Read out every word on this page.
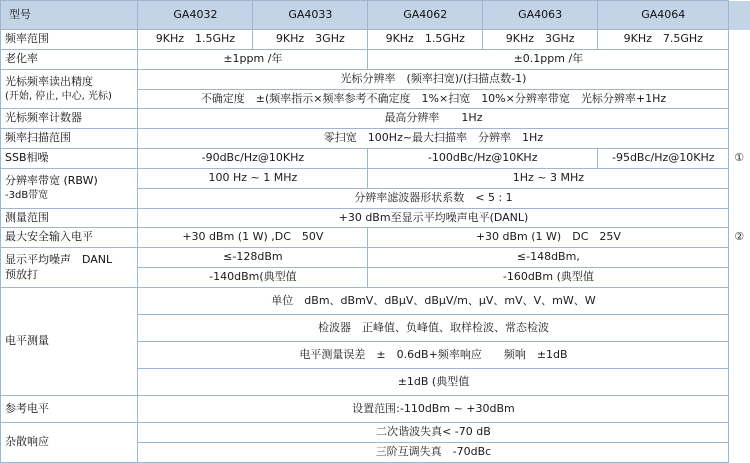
型号	GA4032	GA4033	GA4062	GA4063	GA4064	
频率范围	9KHz　1.5GHz	9KHz　3GHz	9KHz　1.5GHz	9KHz　3GHz	9KHz　7.5GHz	
老化率	±1ppm /年		±0.1ppm /年			

光标频率读出精度
(开始, 停止, 中心, 光标)	光标分辨率　(频率扫宽)/(扫描点数-1)					
	不确定度　±(频率指示×频率参考不确定度　1%×扫宽　10%×分辨率带宽　光标分辨率+1Hz					
光标频率计数器	最高分辨率　　1Hz					
频率扫描范围	零扫宽　100Hz~最大扫描率　分辨率　1Hz					
SSB相噪	-90dBc/Hz@10KHz		-100dBc/Hz@10KHz		-95dBc/Hz@10KHz	①

分辨率带宽 (RBW)
-3dB带宽	100 Hz ~ 1 MHz		1Hz ~ 3 MHz			
	分辨率滤波器形状系数　< 5 : 1					
测量范围	+30 dBm至显示平均噪声电平(DANL)					
最大安全输入电平	+30 dBm (1 W) ,DC　50V		+30 dBm (1 W)　DC　25V			②

显示平均噪声　DANL
预放打	≤-128dBm		≤-148dBm,			
	-140dBm(典型值		-160dBm (典型值			
电平测量	单位　dBm、dBmV、dBμV、dBμV/m、μV、mV、V、mW、W					
	检波器　正峰值、负峰值、取样检波、常态检波					
	电平测量误差　±　0.6dB+频率响应　　频响　±1dB					
	±1dB (典型值					
参考电平	设置范围:-110dBm ~ +30dBm					
杂散响应	二次谐波失真< -70 dB					
	三阶互调失真　-70dBc					
